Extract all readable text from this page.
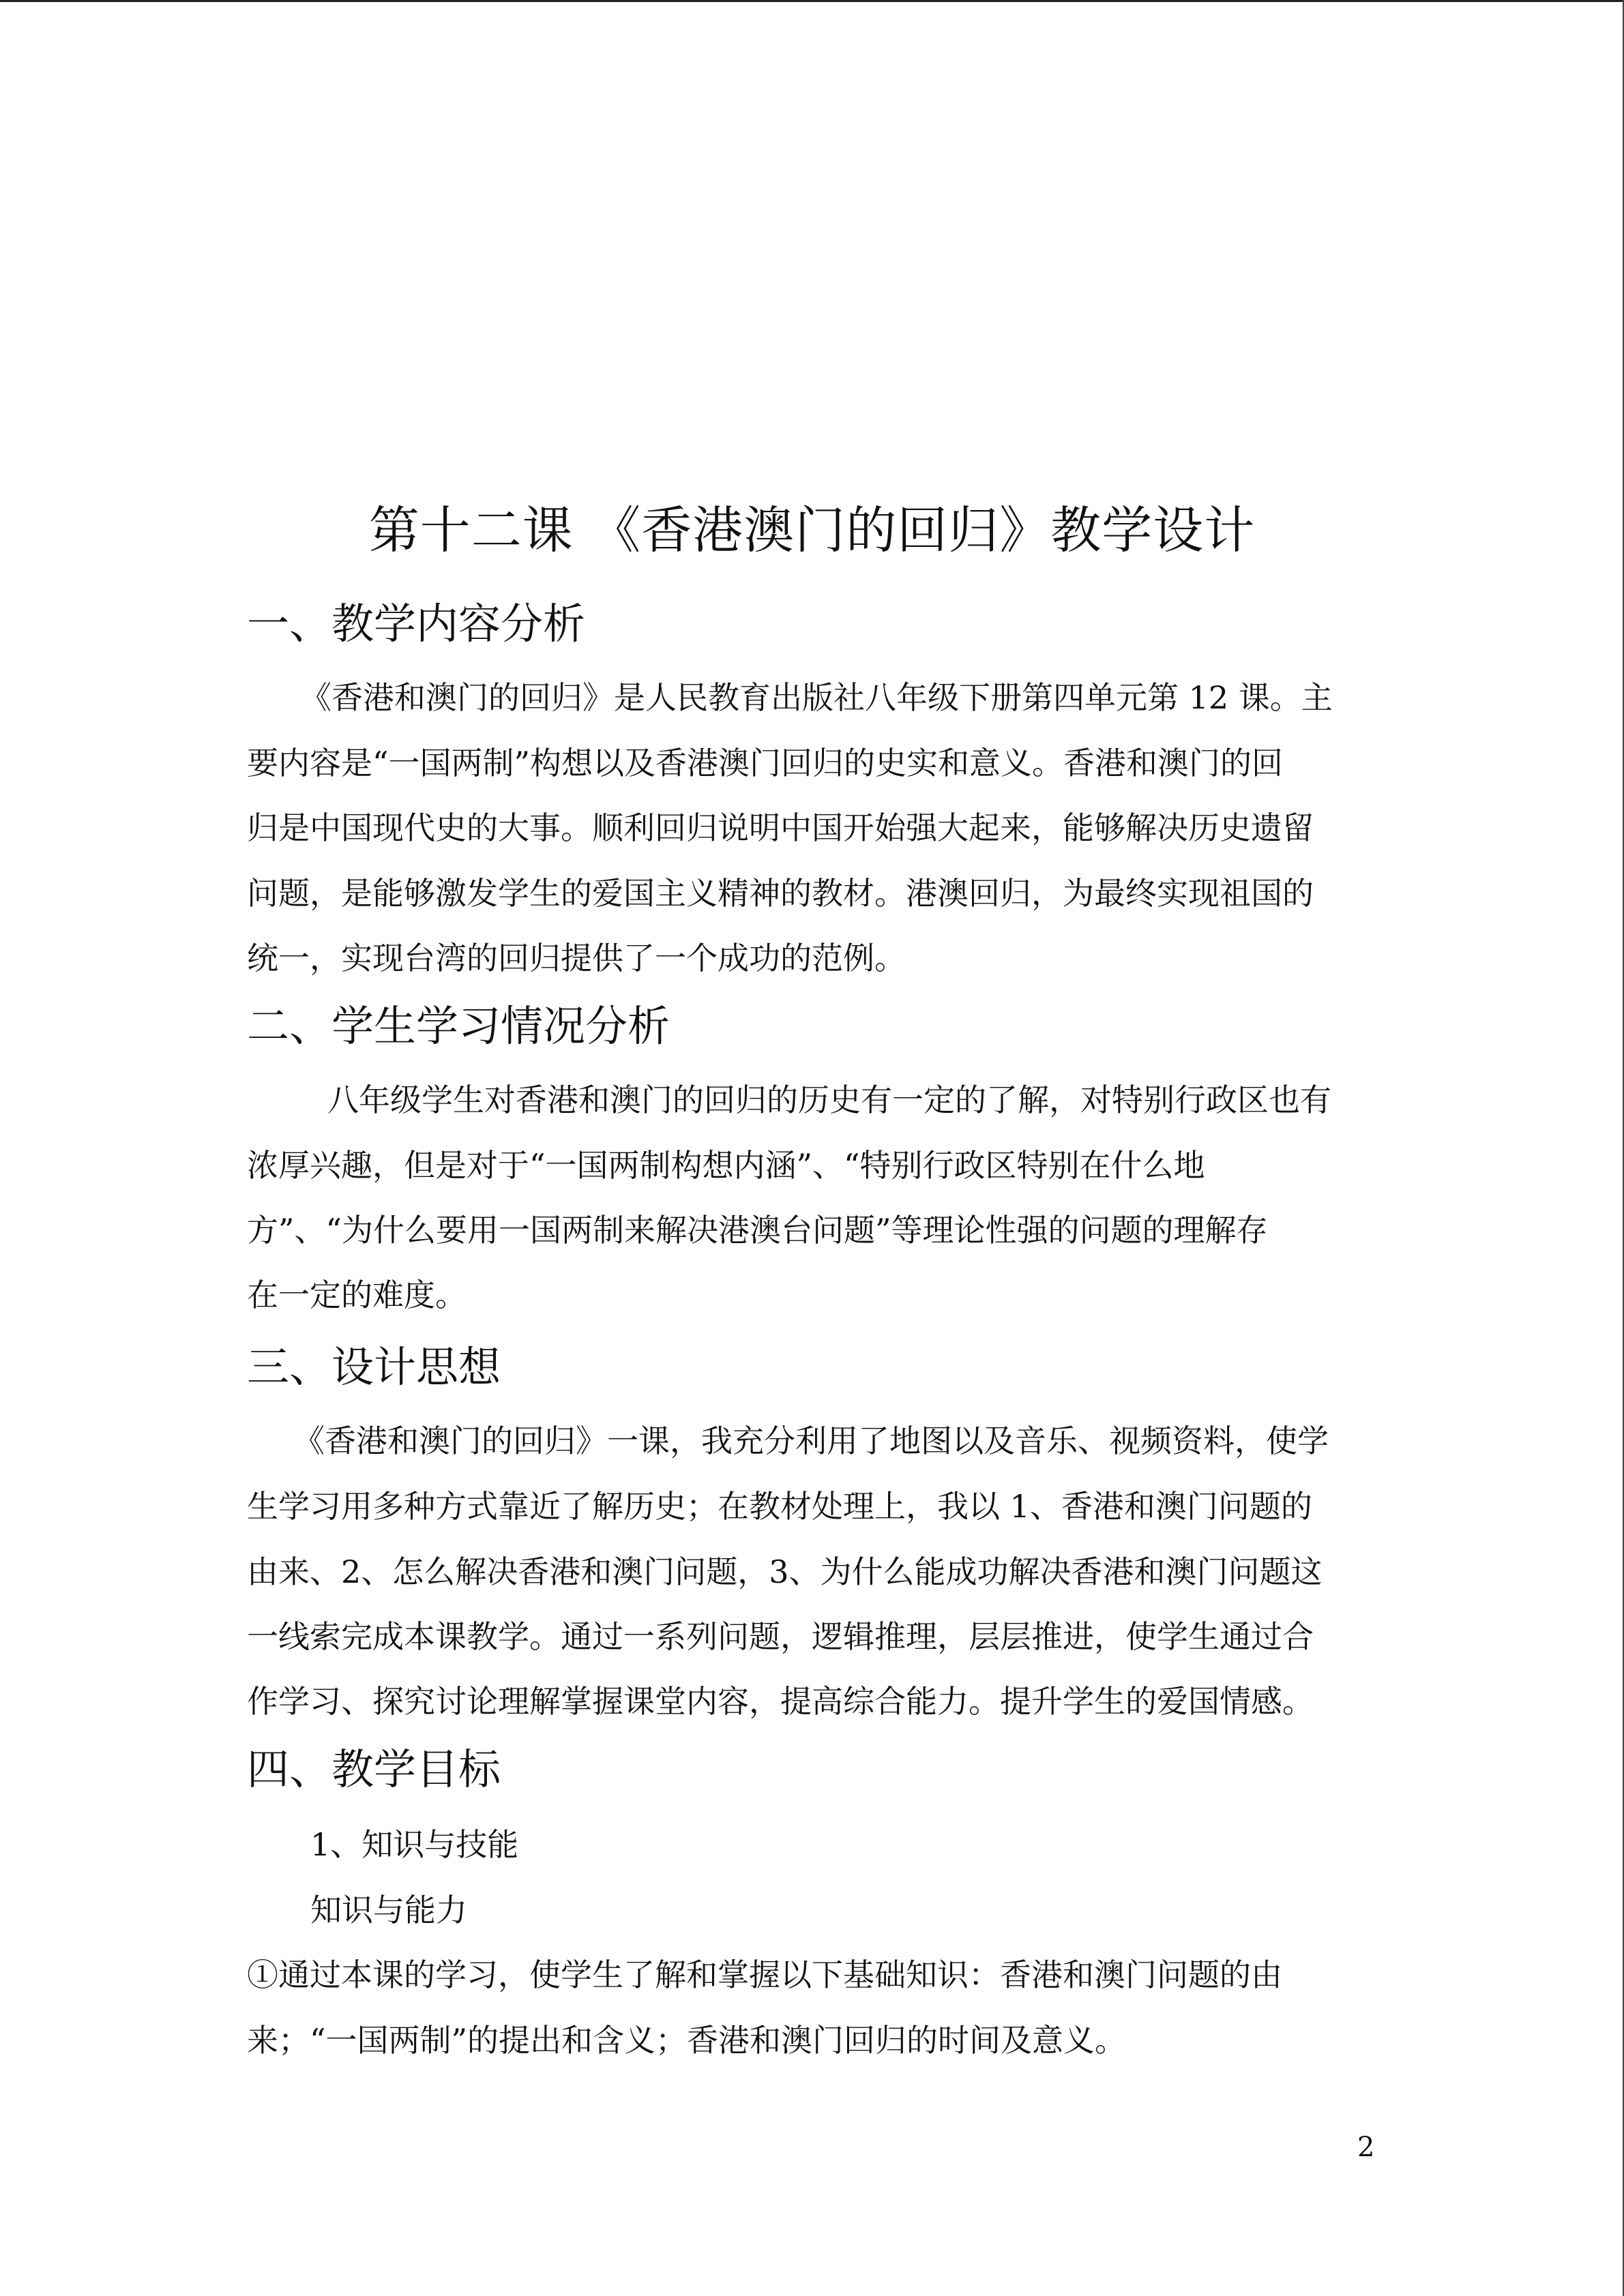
第十二课 《香港澳门的回归》教学设计
一、教学内容分析
《香港和澳门的回归》是人民教育出版社八年级下册第四单元第 12 课。主
要内容是“一国两制”构想以及香港澳门回归的史实和意义。香港和澳门的回
归是中国现代史的大事。顺利回归说明中国开始强大起来，能够解决历史遗留
问题，是能够激发学生的爱国主义精神的教材。港澳回归，为最终实现祖国的
统一，实现台湾的回归提供了一个成功的范例。
二、学生学习情况分析
八年级学生对香港和澳门的回归的历史有一定的了解，对特别行政区也有
浓厚兴趣，但是对于“一国两制构想内涵”、“特别行政区特别在什么地
方”、“为什么要用一国两制来解决港澳台问题”等理论性强的问题的理解存
在一定的难度。
三、设计思想
《香港和澳门的回归》一课，我充分利用了地图以及音乐、视频资料，使学
生学习用多种方式靠近了解历史；在教材处理上，我以 1、香港和澳门问题的
由来、2、怎么解决香港和澳门问题，3、为什么能成功解决香港和澳门问题这
一线索完成本课教学。通过一系列问题，逻辑推理，层层推进，使学生通过合
作学习、探究讨论理解掌握课堂内容，提高综合能力。提升学生的爱国情感。
四、教学目标
1、知识与技能
知识与能力
①通过本课的学习，使学生了解和掌握以下基础知识：香港和澳门问题的由
来；“一国两制”的提出和含义；香港和澳门回归的时间及意义。
2
